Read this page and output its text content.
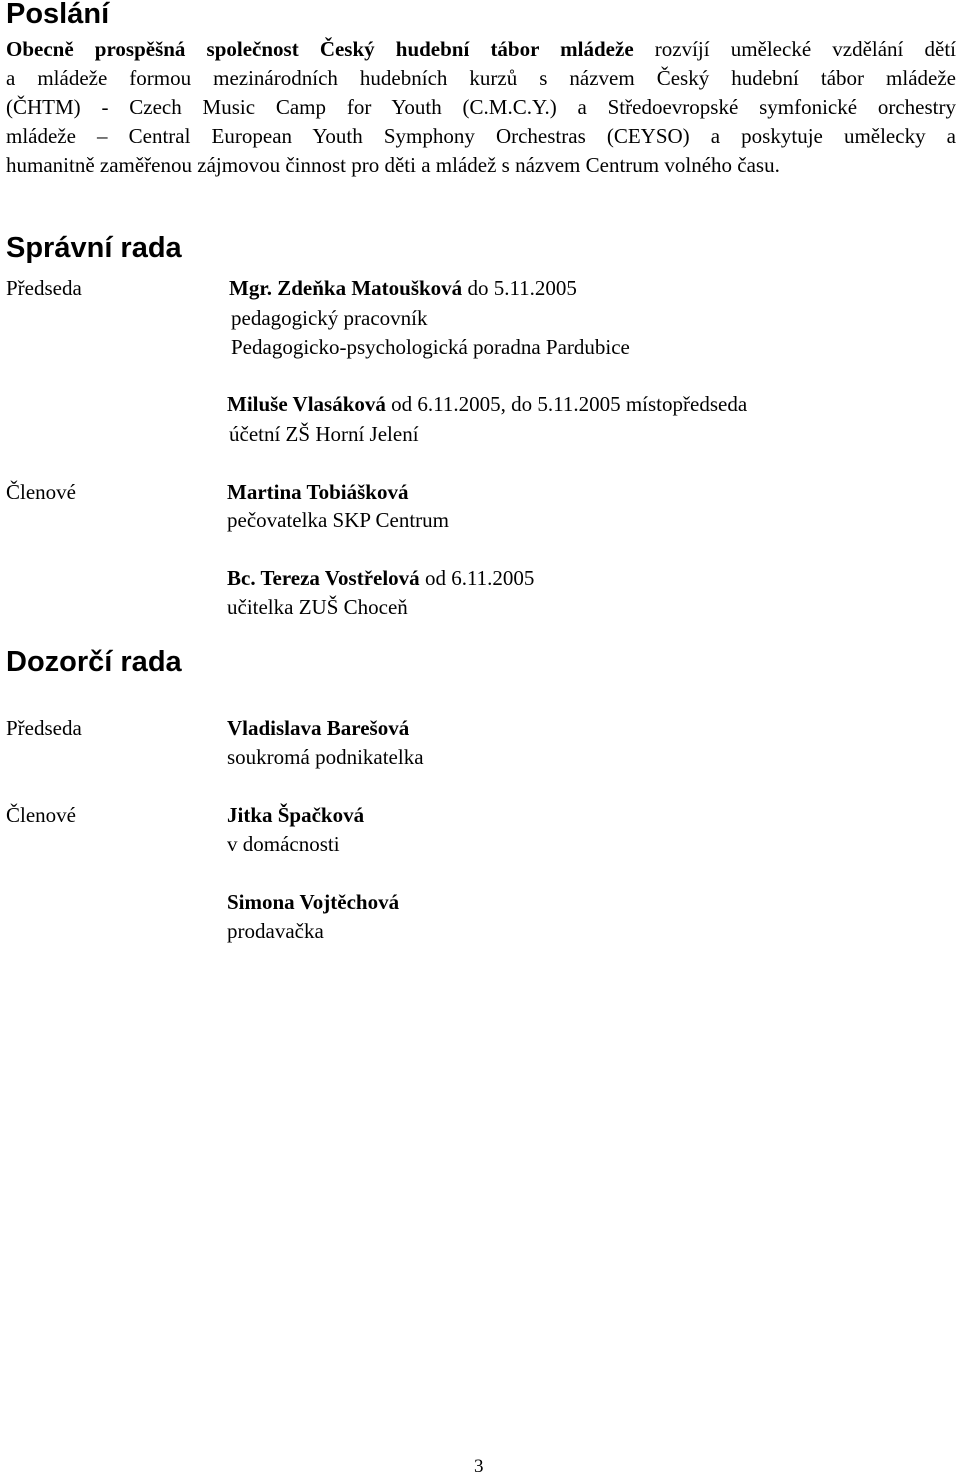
Poslání
Obecně prospěšná společnost Český hudební tábor mládeže rozvíjí umělecké vzdělání dětí
a mládeže formou mezinárodních hudebních kurzů s názvem Český hudební tábor mládeže
(ČHTM) - Czech Music Camp for Youth (C.M.C.Y.) a Středoevropské symfonické orchestry
mládeže – Central European Youth Symphony Orchestras (CEYSO) a poskytuje umělecky a
humanitně zaměřenou zájmovou činnost pro děti a mládež s názvem Centrum volného času.
Správní rada
Předseda	Mgr. Zdeňka Matoušková do 5.11.2005
pedagogický pracovník
Pedagogicko-psychologická poradna Pardubice
Miluše Vlasáková od 6.11.2005, do 5.11.2005 místopředseda
účetní ZŠ Horní Jelení
Členové	Martina Tobiášková
pečovatelka SKP Centrum
Bc. Tereza Vostřelová od 6.11.2005
učitelka ZUŠ Choceň
Dozorčí rada
Předseda	Vladislava Barešová
soukromá podnikatelka
Členové	Jitka Špačková
v domácnosti
Simona Vojtěchová
prodavačka
3
